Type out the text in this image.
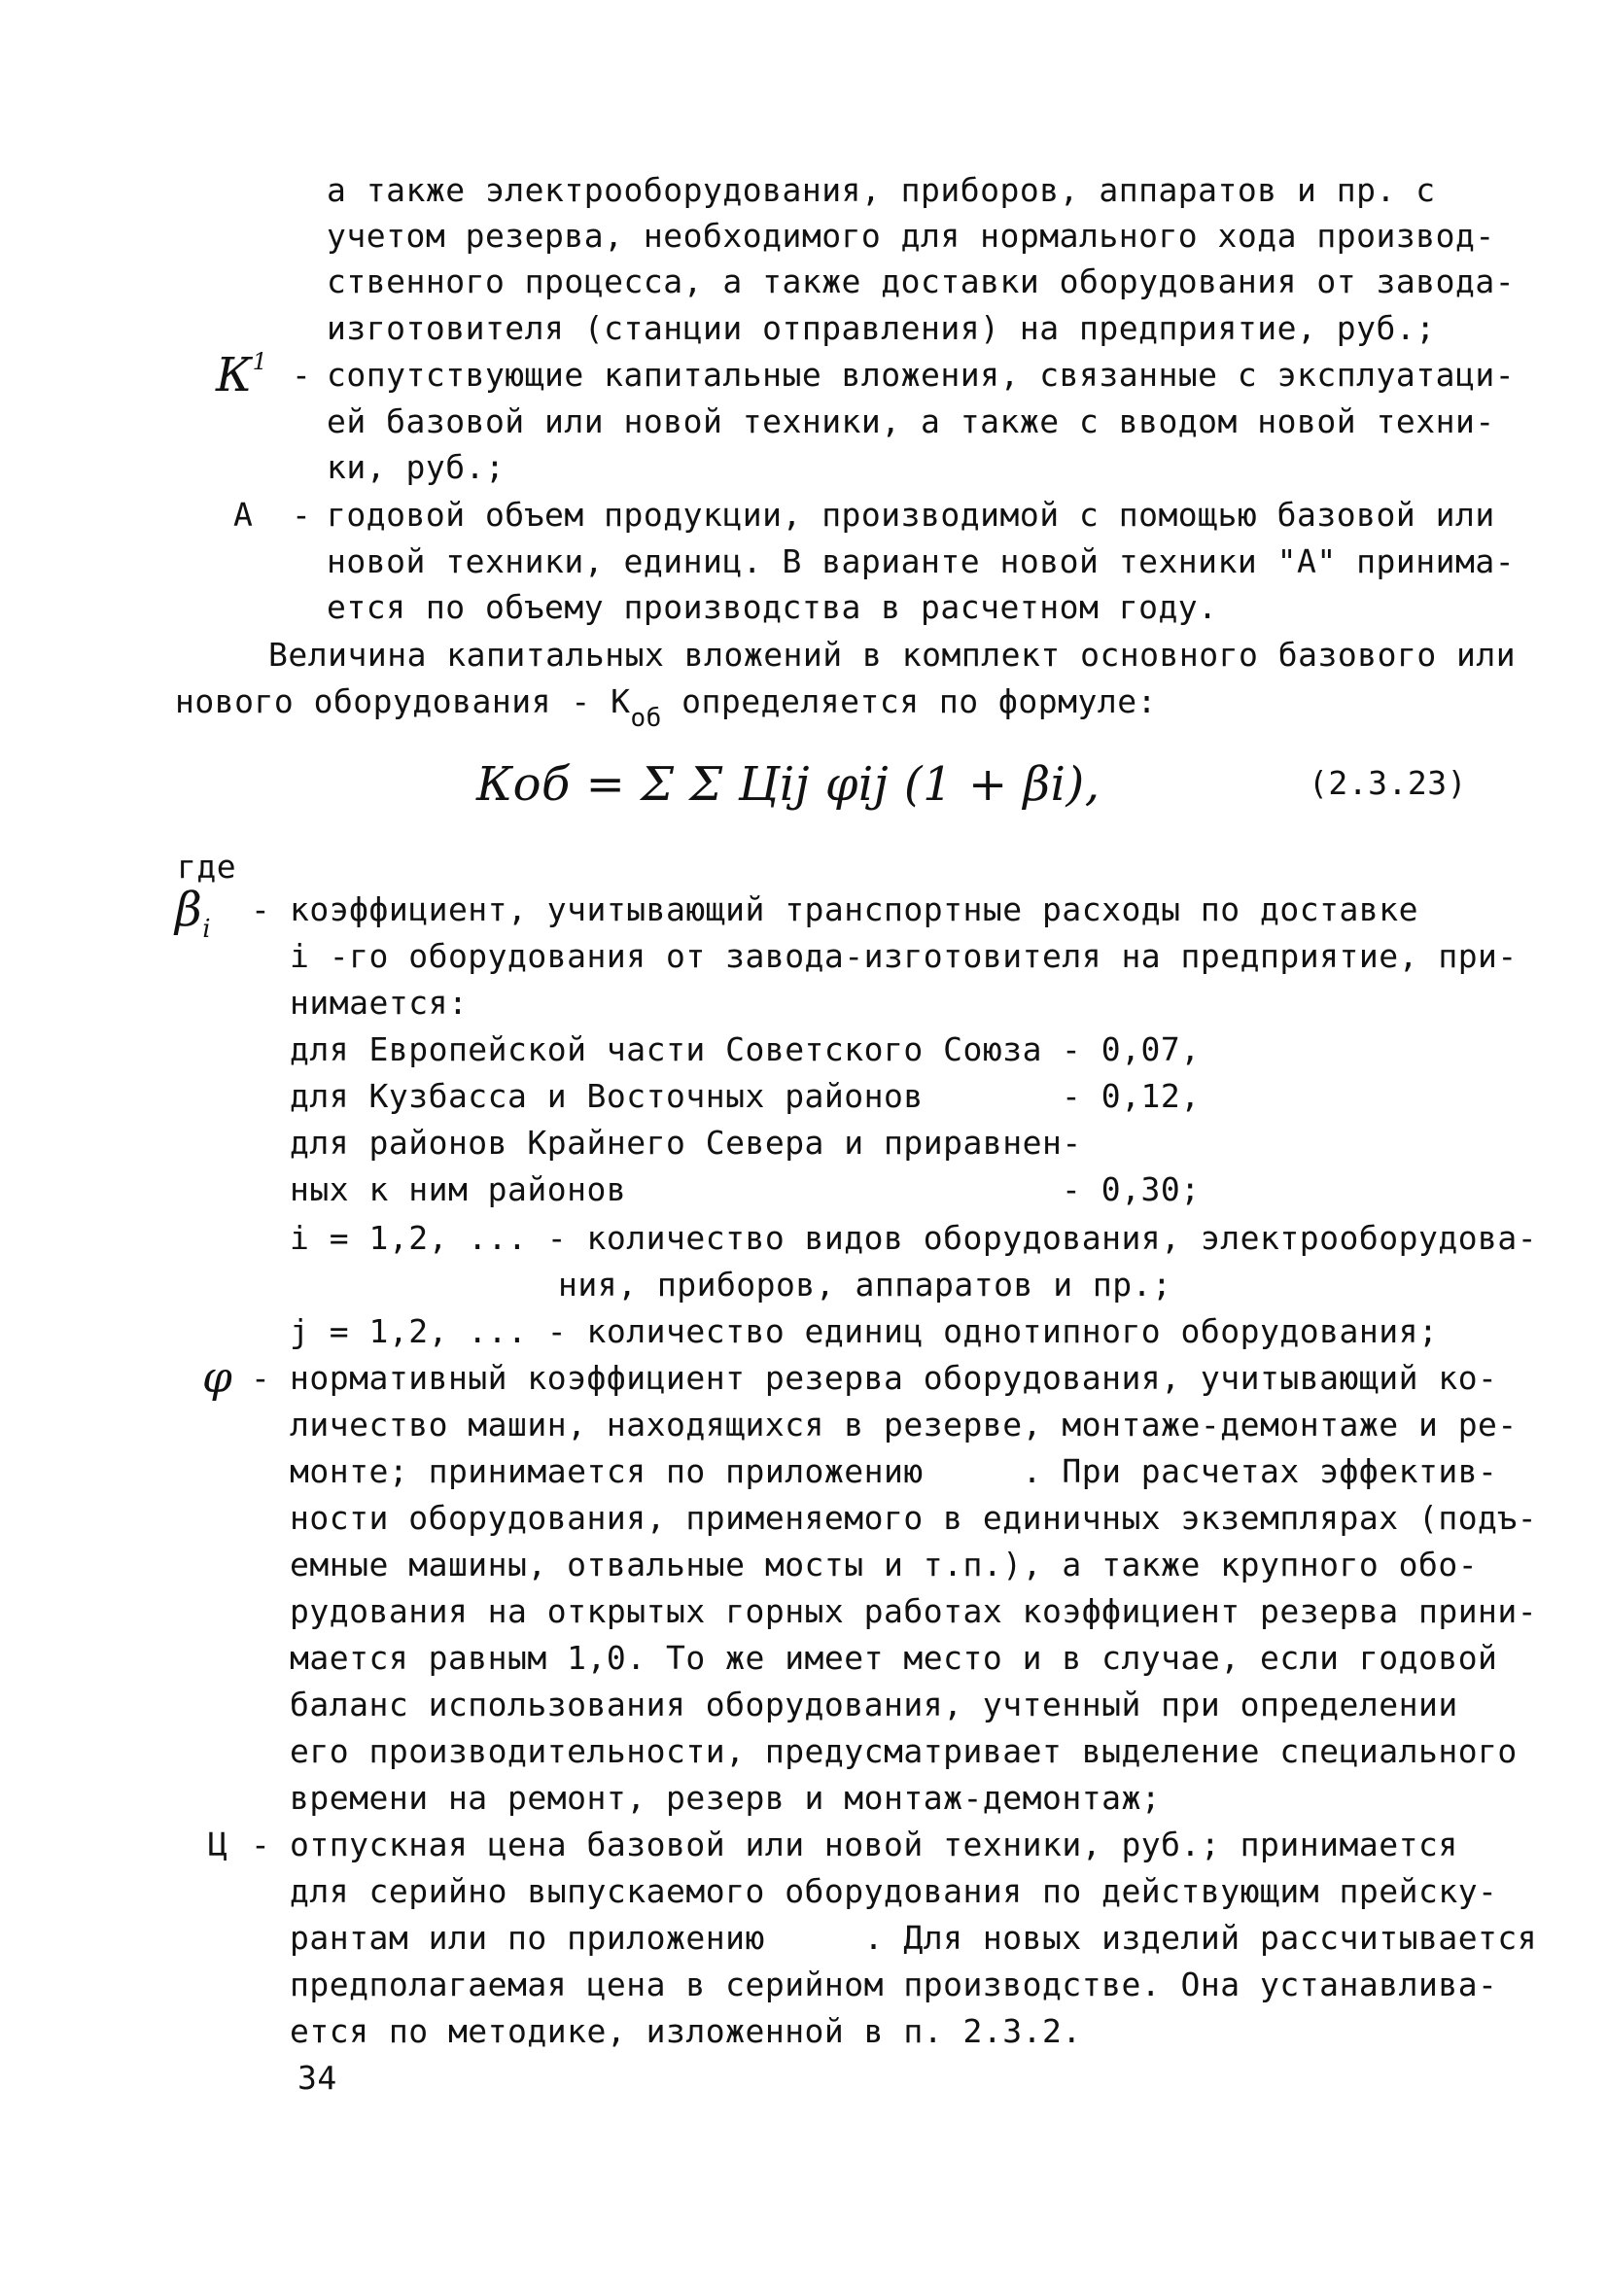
а также электрооборудования, приборов, аппаратов и пр. с
учетом резерва, необходимого для нормального хода производ-
ственного процесса, а также доставки оборудования от завода-
изготовителя (станции отправления) на предприятие, руб.;
$К^1$ - сопутствующие капитальные вложения, связанные с эксплуатаци-
ей базовой или новой техники, а также с вводом новой техни-
ки, руб.;
А - годовой объем продукции, производимой с помощью базовой или
новой техники, единиц. В варианте новой техники "А" принима-
ется по объему производства в расчетном году.
Величина капитальных вложений в комплект основного базового или
нового оборудования - $К_{об}$ определяется по формуле:
Коб = Σ Σ Цij φij (1 + βi),	(2.3.23)
где
$\beta_i$
- коэффициент, учитывающий транспортные расходы по доставке
i -го оборудования от завода-изготовителя на предприятие, при-
нимается:
для Европейской части Советского Союза - 0,07,
для Кузбасса и Восточных районов	- 0,12,
для районов Крайнего Севера и приравнен-
ных к ним районов	- 0,30;
i = 1,2, ... - количество видов оборудования, электрооборудова-
ния, приборов, аппаратов и пр.;
j = 1,2, ... - количество единиц однотипного оборудования;
φ - нормативный коэффициент резерва оборудования, учитывающий ко-
личество машин, находящихся в резерве, монтаже-демонтаже и ре-
монте; принимается по приложению     . При расчетах эффектив-
ности оборудования, применяемого в единичных экземплярах (подъ-
емные машины, отвальные мосты и т.п.), а также крупного обо-
рудования на открытых горных работах коэффициент резерва прини-
мается равным 1,0. То же имеет место и в случае, если годовой
баланс использования оборудования, учтенный при определении
его производительности, предусматривает выделение специального
времени на ремонт, резерв и монтаж-демонтаж;
Ц - отпускная цена базовой или новой техники, руб.; принимается
для серийно выпускаемого оборудования по действующим прейску-
рантам или по приложению     . Для новых изделий рассчитывается
предполагаемая цена в серийном производстве. Она устанавлива-
ется по методике, изложенной в п. 2.3.2.
34
